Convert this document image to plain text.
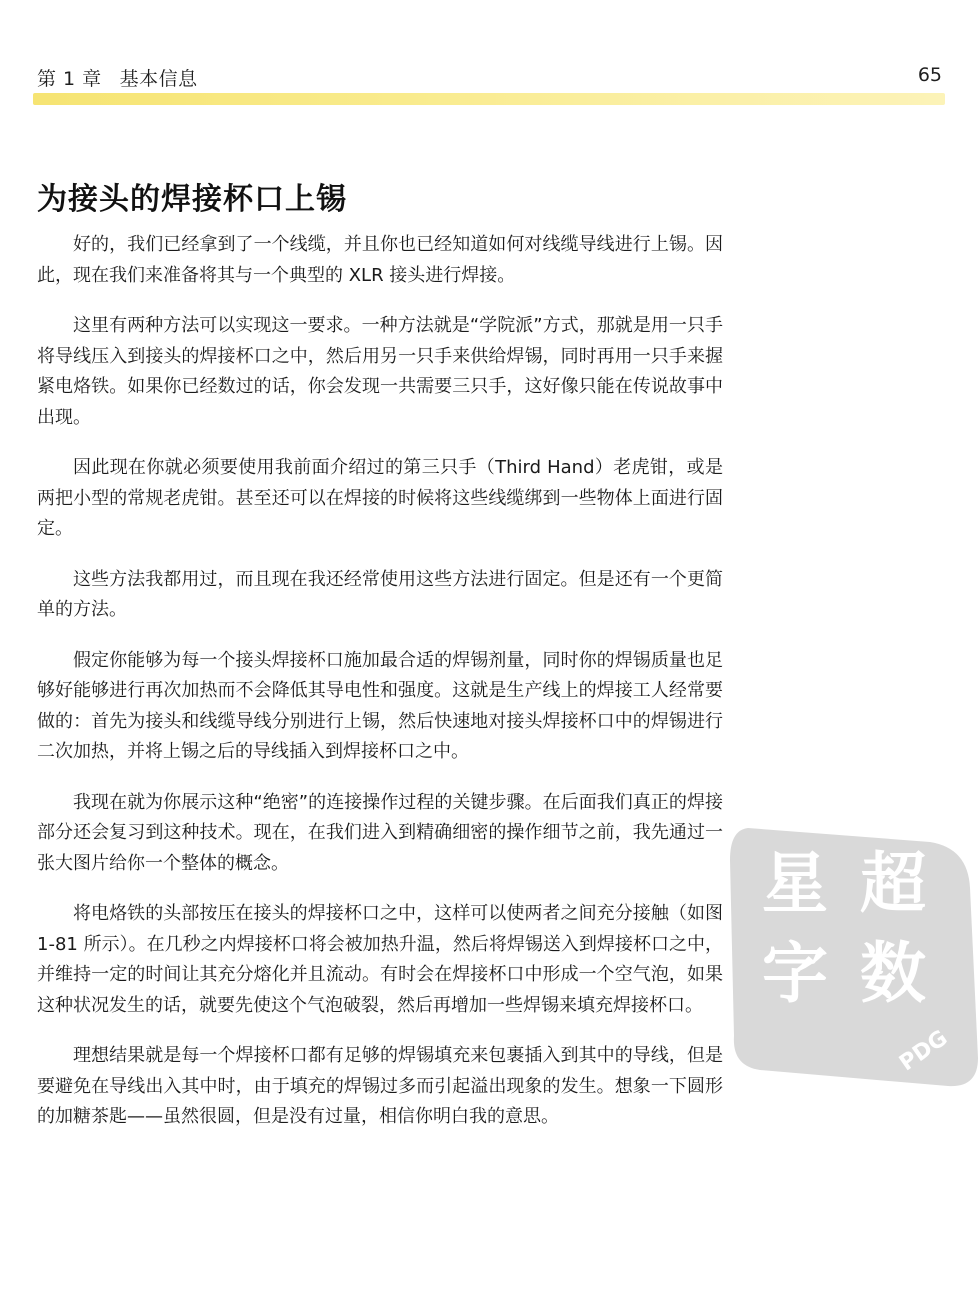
第 1 章 基本信息	65
为接头的焊接杯口上锡

好的，我们已经拿到了一个线缆，并且你也已经知道如何对线缆导线进行上锡。因此，现在我们来准备将其与一个典型的 XLR 接头进行焊接。

这里有两种方法可以实现这一要求。一种方法就是“学院派”方式，那就是用一只手将导线压入到接头的焊接杯口之中，然后用另一只手来供给焊锡，同时再用一只手来握紧电烙铁。如果你已经数过的话，你会发现一共需要三只手，这好像只能在传说故事中出现。

因此现在你就必须要使用我前面介绍过的第三只手（Third Hand）老虎钳，或是两把小型的常规老虎钳。甚至还可以在焊接的时候将这些线缆绑到一些物体上面进行固定。

这些方法我都用过，而且现在我还经常使用这些方法进行固定。但是还有一个更简单的方法。

假定你能够为每一个接头焊接杯口施加最合适的焊锡剂量，同时你的焊锡质量也足够好能够进行再次加热而不会降低其导电性和强度。这就是生产线上的焊接工人经常要做的：首先为接头和线缆导线分别进行上锡，然后快速地对接头焊接杯口中的焊锡进行二次加热，并将上锡之后的导线插入到焊接杯口之中。

我现在就为你展示这种“绝密”的连接操作过程的关键步骤。在后面我们真正的焊接部分还会复习到这种技术。现在，在我们进入到精确细密的操作细节之前，我先通过一张大图片给你一个整体的概念。

将电烙铁的头部按压在接头的焊接杯口之中，这样可以使两者之间充分接触（如图 1-81 所示）。在几秒之内焊接杯口将会被加热升温，然后将焊锡送入到焊接杯口之中，并维持一定的时间让其充分熔化并且流动。有时会在焊接杯口中形成一个空气泡，如果这种状况发生的话，就要先使这个气泡破裂，然后再增加一些焊锡来填充焊接杯口。

理想结果就是每一个焊接杯口都有足够的焊锡填充来包裹插入到其中的导线，但是要避免在导线出入其中时，由于填充的焊锡过多而引起溢出现象的发生。想象一下圆形的加糖茶匙——虽然很圆，但是没有过量，相信你明白我的意思。

超
星
数
字
PDG
